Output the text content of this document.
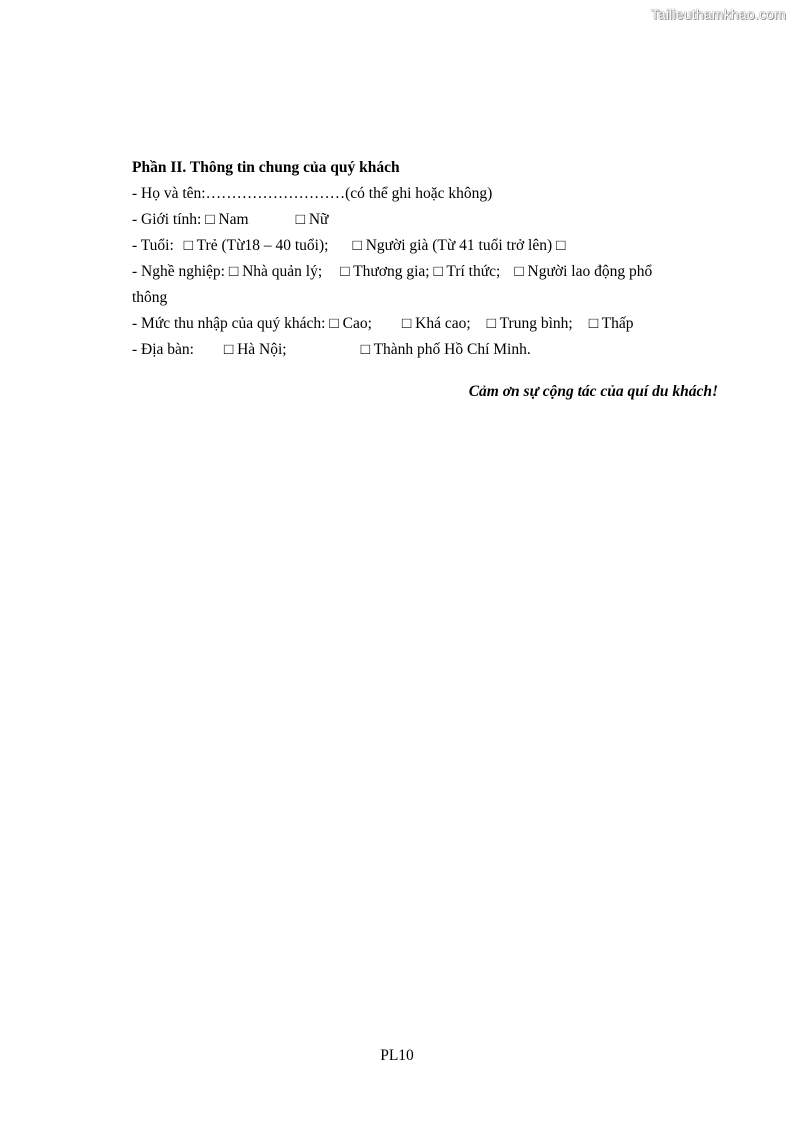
Tailieuthamkhao.com
Phần II. Thông tin chung của quý khách
- Họ và tên:………………………(có thể ghi hoặc không)
- Giới tính: □ Nam	□ Nữ
- Tuổi: □ Trẻ (Từ18 – 40 tuổi); □ Người già (Từ 41 tuổi trở lên) □
- Nghề nghiệp: □ Nhà quản lý; □ Thương gia; □ Trí thức; □ Người lao động phổ
thông
- Mức thu nhập của quý khách: □ Cao; □ Khá cao; □ Trung bình; □ Thấp
- Địa bàn: □ Hà Nội;	□ Thành phố Hồ Chí Minh.
Cảm ơn sự cộng tác của quí du khách!
PL10
